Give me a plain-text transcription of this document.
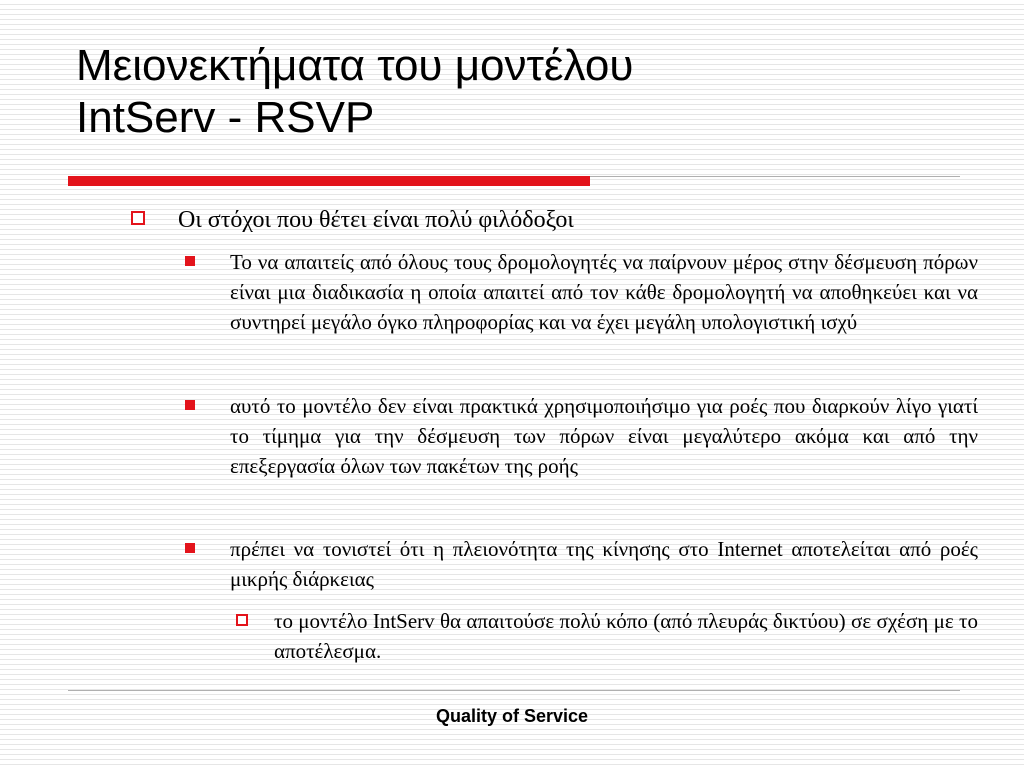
Μειονεκτήματα του μοντέλου
IntServ - RSVP
Οι στόχοι που θέτει είναι πολύ φιλόδοξοι
Το να απαιτείς από όλους τους δρομολογητές να παίρνουν μέρος στην δέσμευση πόρων είναι μια διαδικασία η οποία απαιτεί από τον κάθε δρομολογητή να αποθηκεύει και να συντηρεί μεγάλο όγκο πληροφορίας και να έχει μεγάλη υπολογιστική ισχύ
αυτό το μοντέλο δεν είναι πρακτικά χρησιμοποιήσιμο για ροές που διαρκούν λίγο γιατί το τίμημα για την δέσμευση των πόρων είναι μεγαλύτερο ακόμα και από την επεξεργασία όλων των πακέτων της ροής
πρέπει να τονιστεί ότι η πλειονότητα της κίνησης στο Internet αποτελείται από ροές μικρής διάρκειας
το μοντέλο IntServ θα απαιτούσε πολύ κόπο (από πλευράς δικτύου) σε σχέση με το αποτέλεσμα.
Quality of Service
